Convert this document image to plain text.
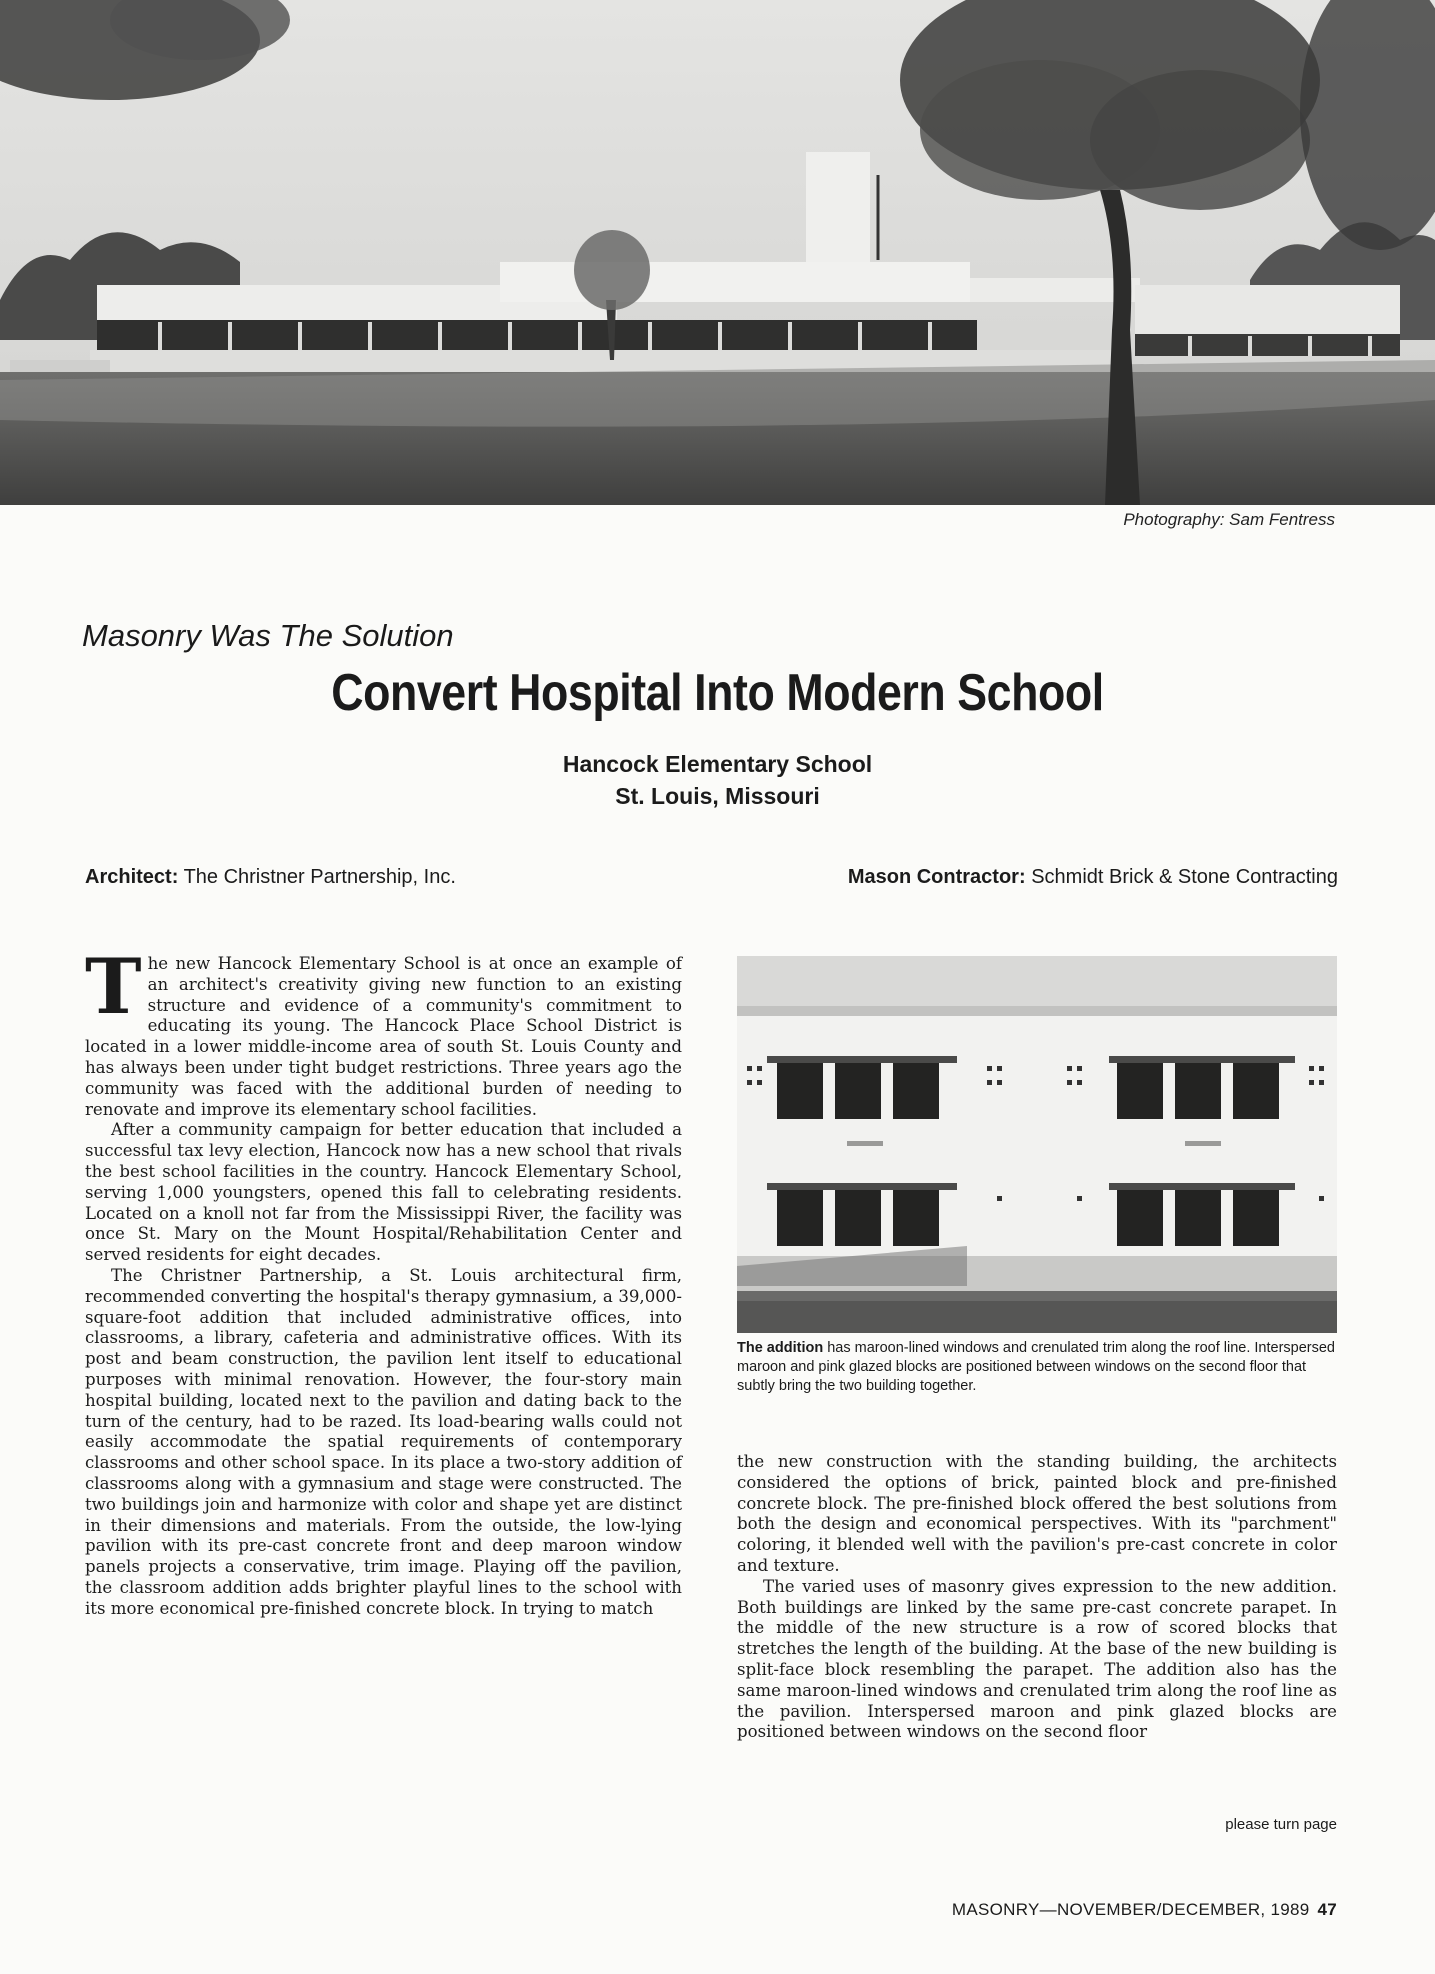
Photography: Sam Fentress
Masonry Was The Solution
Convert Hospital Into Modern School
Hancock Elementary School
St. Louis, Missouri
Architect: The Christner Partnership, Inc.	Mason Contractor: Schmidt Brick & Stone Contracting

The new Hancock Elementary School is at once an example of an architect's creativity giving new function to an existing structure and evidence of a community's commitment to educating its young. The Hancock Place School District is located in a lower middle-income area of south St. Louis County and has always been under tight budget restrictions. Three years ago the community was faced with the additional burden of needing to renovate and improve its elementary school facilities.

After a community campaign for better education that included a successful tax levy election, Hancock now has a new school that rivals the best school facilities in the country. Hancock Elementary School, serving 1,000 youngsters, opened this fall to celebrating residents. Located on a knoll not far from the Mississippi River, the facility was once St. Mary on the Mount Hospital/Rehabilitation Center and served residents for eight decades.

The Christner Partnership, a St. Louis architectural firm, recommended converting the hospital's therapy gymnasium, a 39,000-square-foot addition that included administrative offices, into classrooms, a library, cafeteria and administrative offices. With its post and beam construction, the pavilion lent itself to educational purposes with minimal renovation. However, the four-story main hospital building, located next to the pavilion and dating back to the turn of the century, had to be razed. Its load-bearing walls could not easily accommodate the spatial requirements of contemporary classrooms and other school space. In its place a two-story addition of classrooms along with a gymnasium and stage were constructed. The two buildings join and harmonize with color and shape yet are distinct in their dimensions and materials. From the outside, the low-lying pavilion with its pre-cast concrete front and deep maroon window panels projects a conservative, trim image. Playing off the pavilion, the classroom addition adds brighter playful lines to the school with its more economical pre-finished concrete block. In trying to match

The addition has maroon-lined windows and crenulated trim along the roof line. Interspersed maroon and pink glazed blocks are positioned between windows on the second floor that subtly bring the two building together.

the new construction with the standing building, the architects considered the options of brick, painted block and pre-finished concrete block. The pre-finished block offered the best solutions from both the design and economical perspectives. With its "parchment" coloring, it blended well with the pavilion's pre-cast concrete in color and texture.

The varied uses of masonry gives expression to the new addition. Both buildings are linked by the same pre-cast concrete parapet. In the middle of the new structure is a row of scored blocks that stretches the length of the building. At the base of the new building is split-face block resembling the parapet. The addition also has the same maroon-lined windows and crenulated trim along the roof line as the pavilion. Interspersed maroon and pink glazed blocks are positioned between windows on the second floor

please turn page
MASONRY—NOVEMBER/DECEMBER, 1989 47
